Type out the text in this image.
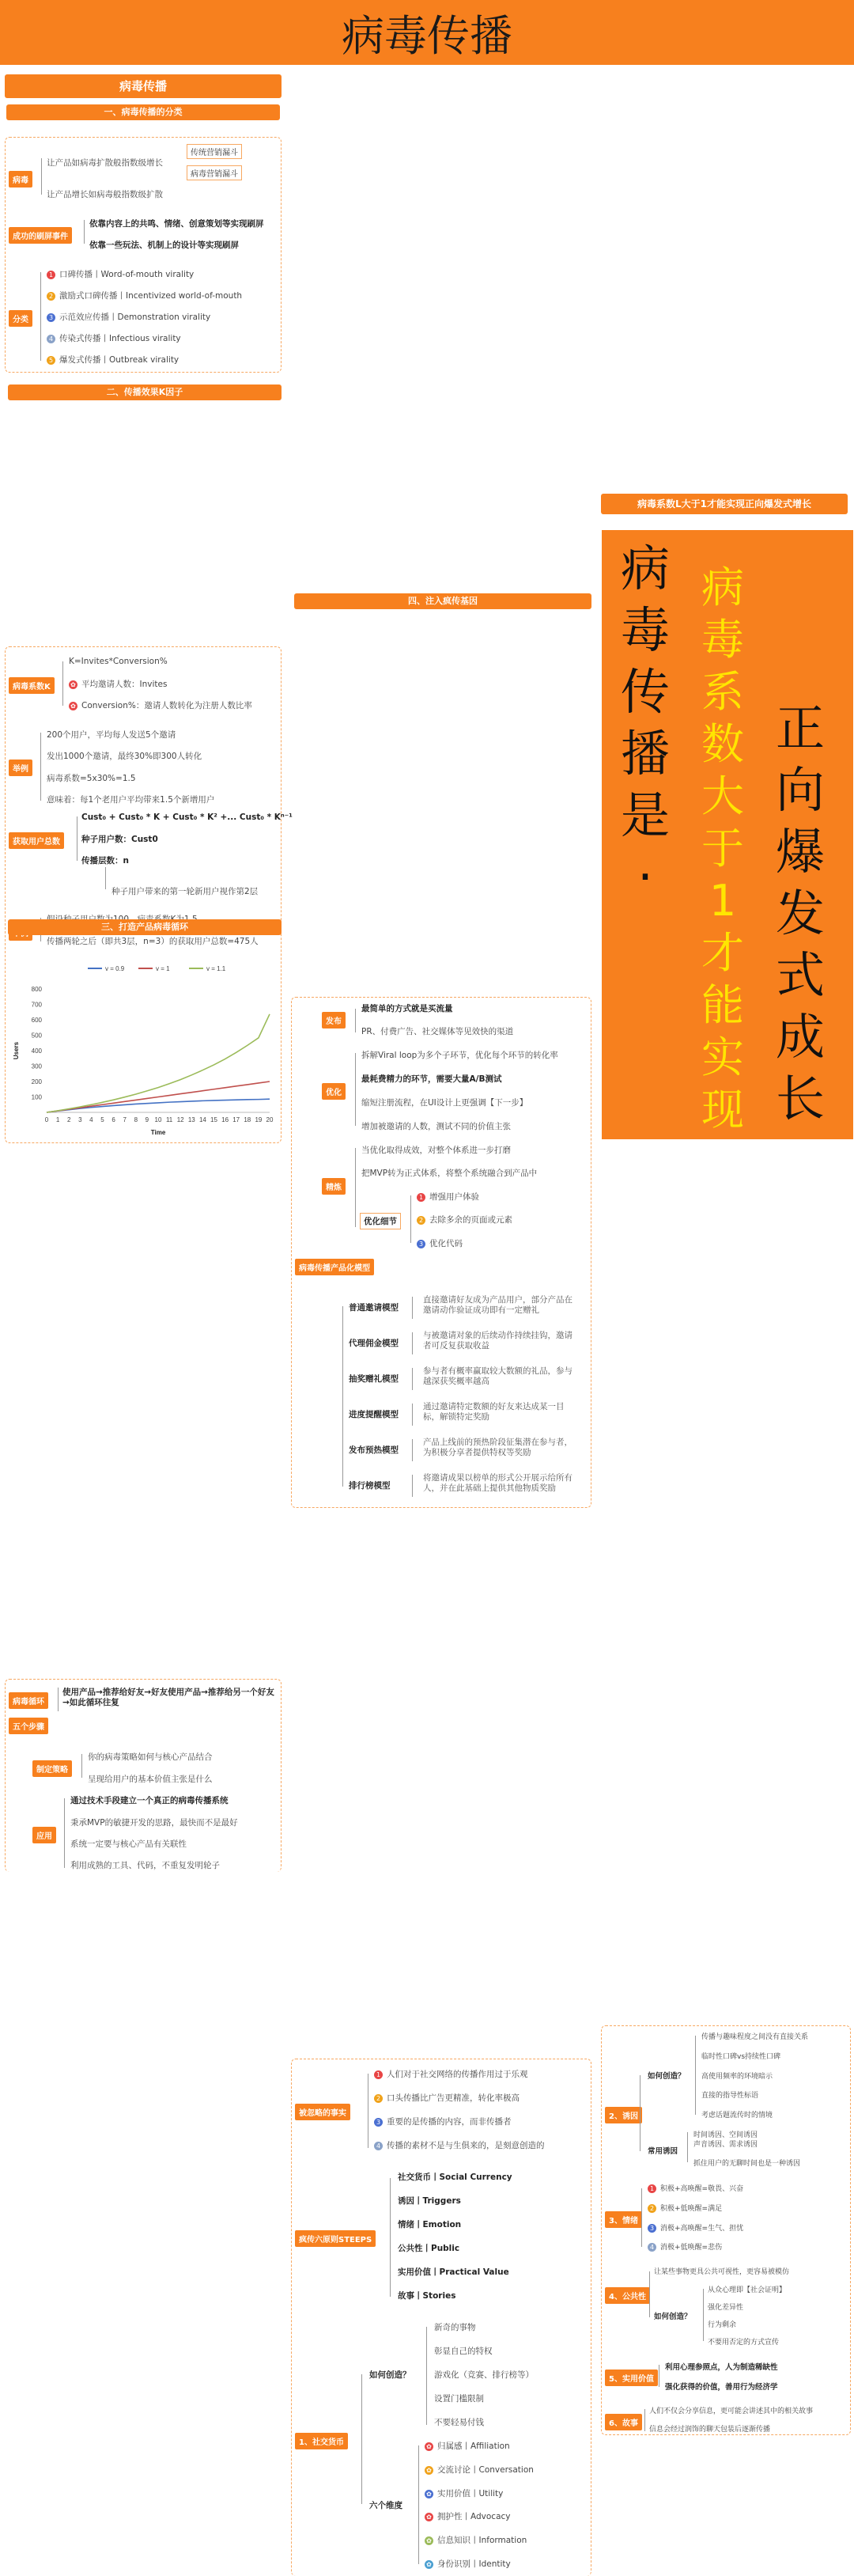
病毒传播
病毒传播
一、病毒传播的分类
病毒
让产品如病毒扩散般指数级增长
让产品增长如病毒般指数级扩散
传统营销漏斗
病毒营销漏斗
成功的刷屏事件
依靠内容上的共鸣、情绪、创意策划等实现刷屏
依靠一些玩法、机制上的设计等实现刷屏
分类
1 口碑传播丨Word-of-mouth virality
2 激励式口碑传播丨Incentivized world-of-mouth
3 示范效应传播丨Demonstration virality
4 传染式传播丨Infectious virality
5 爆发式传播丨Outbreak virality
二、传播效果K因子
病毒系数K
K=Invites*Conversion%
✿ 平均邀请人数：Invites
✿ Conversion%：邀请人数转化为注册人数比率
举例
200个用户，平均每人发送5个邀请
发出1000个邀请，最终30%即300人转化
病毒系数=5x30%=1.5
意味着：每1个老用户平均带来1.5个新增用户
获取用户总数
Cust₀ + Cust₀ * K + Cust₀ * K² +... Cust₀ * Kⁿ⁻¹
种子用户数：Cust0
传播层数：n
种子用户带来的第一轮新用户视作第2层
传播两轮之后（即共3层，n=3）的获取用户总数=475人
100
200
300
400
500
600
700
800
0 1 2 3 4 5 6 7 8 9 10 11 12 13 14 15 16 17 18 19 20
Time
Users
v = 0.9	v = 1	v = 1.1
三、打造产品病毒循环
病毒循环
使用产品→推荐给好友→好友使用产品→推荐给另一个好友→如此循环往复
五个步骤
制定策略
你的病毒策略如何与核心产品结合
呈现给用户的基本价值主张是什么
应用
通过技术手段建立一个真正的病毒传播系统
秉承MVP的敏捷开发的思路，最快而不是最好
系统一定要与核心产品有关联性
利用成熟的工具、代码，不重复发明轮子
发布
最简单的方式就是买流量
PR、付费广告、社交媒体等见效快的渠道
优化
拆解Viral loop为多个子环节，优化每个环节的转化率
最耗费精力的环节，需要大量A/B测试
缩短注册流程，在UI设计上更强调【下一步】
增加被邀请的人数，测试不同的价值主张
精炼
当优化取得成效，对整个体系进一步打磨
把MVP转为正式体系，将整个系统融合到产品中
优化细节
1 增强用户体验
2 去除多余的页面或元素
3 优化代码
病毒传播产品化模型
普通邀请模型
直接邀请好友成为产品用户，部分产品在邀请动作验证成功即有一定赠礼
代理佣金模型
与被邀请对象的后续动作持续挂钩，邀请者可反复获取收益
抽奖赠礼模型
参与者有概率赢取较大数额的礼品，参与越深获奖概率越高
进度提醒模型
通过邀请特定数额的好友来达成某一目标，解锁特定奖励
发布预热模型
产品上线前的预热阶段征集潜在参与者，为积极分享者提供特权等奖励
排行榜模型
将邀请成果以榜单的形式公开展示给所有人，并在此基础上提供其他物质奖励
四、注入疯传基因
被忽略的事实
1 人们对于社交网络的传播作用过于乐观
2 口头传播比广告更精准，转化率极高
3 重要的是传播的内容，而非传播者
4 传播的素材不是与生俱来的，是刻意创造的
疯传六原则STEEPS
社交货币丨Social Currency
诱因丨Triggers
情绪丨Emotion
公共性丨Public
实用价值丨Practical Value
故事丨Stories
1、社交货币
如何创造？
新奇的事物
彰显自己的特权
游戏化（竞赛、排行榜等）
设置门槛限制
不要轻易付钱
六个维度
✿ 归属感丨Affiliation
✿ 交流讨论丨Conversation
✿ 实用价值丨Utility
✿ 拥护性丨Advocacy
✿ 信息知识丨Information
✿ 身份识别丨Identity
2、诱因
如何创造？
传播与趣味程度之间没有直接关系
临时性口碑vs持续性口碑
高使用频率的环境暗示
直接的指导性标语
考虑话题流传时的情境
常用诱因
时间诱因、空间诱因
声音诱因、需求诱因
抓住用户的无聊时间也是一种诱因
3、情绪
1 积极+高唤醒=敬畏、兴奋
2 积极+低唤醒=满足
3 消极+高唤醒=生气、担忧
4 消极+低唤醒=悲伤
4、公共性
让某些事物更具公共可视性，更容易被模仿
如何创造？
从众心理即【社会证明】
强化差异性
行为剩余
不要用否定的方式宣传
5、实用价值
利用心理参照点，人为制造稀缺性
强化获得的价值，善用行为经济学
6、故事
人们不仅会分享信息，更可能会讲述其中的相关故事
信息会经过润饰的聊天包装后逐渐传播
病毒系数L大于1才能实现正向爆发式增长
病
毒
传
播
是
·
病
毒
系
数
大
于
1
才
能
实
现
正
向
爆
发
式
成
长
